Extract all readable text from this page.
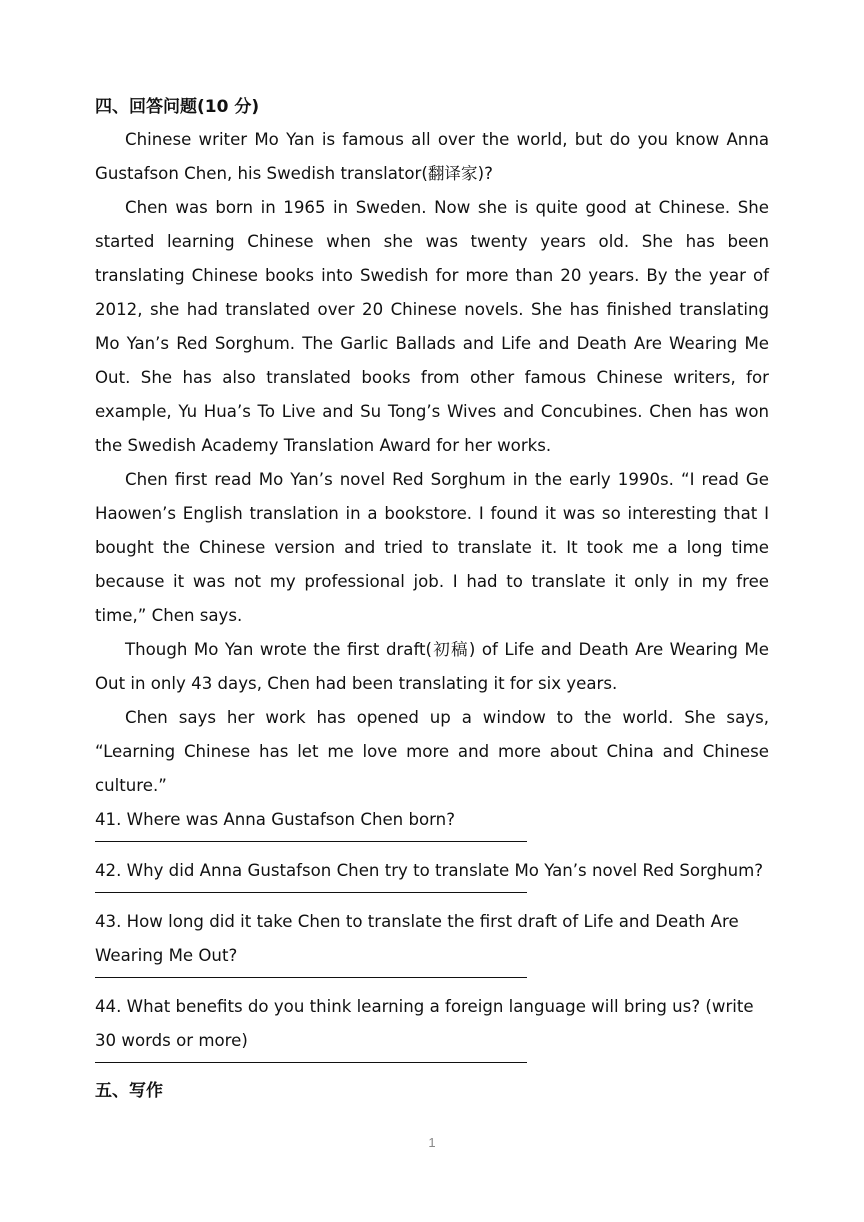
四、回答问题(10 分)

Chinese writer Mo Yan is famous all over the world, but do you know Anna Gustafson Chen, his Swedish translator(翻译家)?

Chen was born in 1965 in Sweden. Now she is quite good at Chinese. She started learning Chinese when she was twenty years old. She has been translating Chinese books into Swedish for more than 20 years. By the year of 2012, she had translated over 20 Chinese novels. She has finished translating Mo Yan’s Red Sorghum. The Garlic Ballads and Life and Death Are Wearing Me Out. She has also translated books from other famous Chinese writers, for example, Yu Hua’s To Live and Su Tong’s Wives and Concubines. Chen has won the Swedish Academy Translation Award for her works.

Chen first read Mo Yan’s novel Red Sorghum in the early 1990s. “I read Ge Haowen’s English translation in a bookstore. I found it was so interesting that I bought the Chinese version and tried to translate it. It took me a long time because it was not my professional job. I had to translate it only in my free time,” Chen says.

Though Mo Yan wrote the first draft(初稿) of Life and Death Are Wearing Me Out in only 43 days, Chen had been translating it for six years.

Chen says her work has opened up a window to the world. She says, “Learning Chinese has let me love more and more about China and Chinese culture.”

41. Where was Anna Gustafson Chen born?

42. Why did Anna Gustafson Chen try to translate Mo Yan’s novel Red Sorghum?

43. How long did it take Chen to translate the first draft of Life and Death Are Wearing Me Out?

44. What benefits do you think learning a foreign language will bring us? (write 30 words or more)

五、写作

1
